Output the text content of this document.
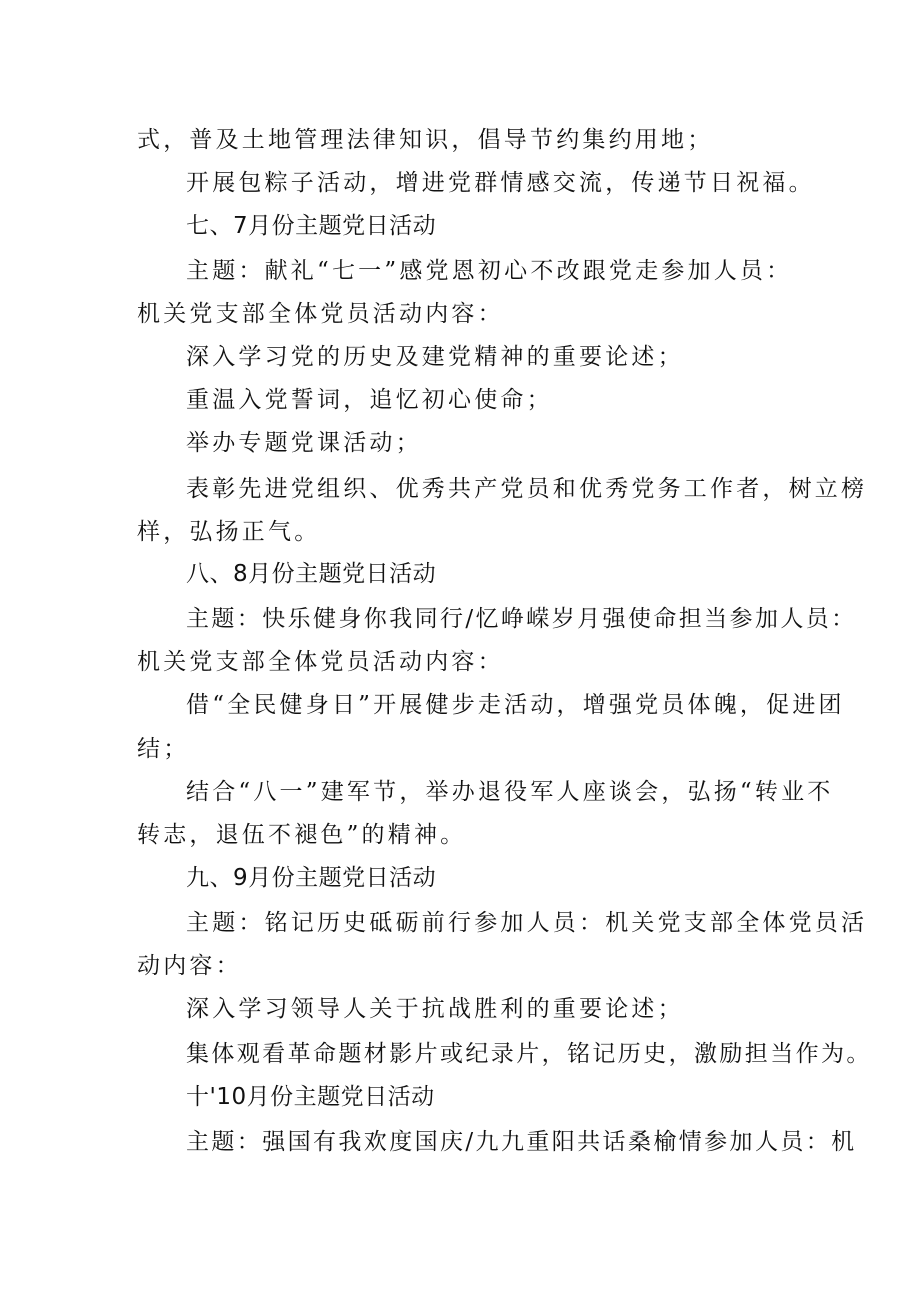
式，普及土地管理法律知识，倡导节约集约用地；
开展包粽子活动，增进党群情感交流，传递节日祝福。
七、7月份主题党日活动
主题：献礼“七一”感党恩初心不改跟党走参加人员：
机关党支部全体党员活动内容：
深入学习党的历史及建党精神的重要论述；
重温入党誓词，追忆初心使命；
举办专题党课活动；
表彰先进党组织、优秀共产党员和优秀党务工作者，树立榜
样，弘扬正气。
八、8月份主题党日活动
主题：快乐健身你我同行/忆峥嵘岁月强使命担当参加人员：
机关党支部全体党员活动内容：
借“全民健身日”开展健步走活动，增强党员体魄，促进团
结；
结合“八一”建军节，举办退役军人座谈会，弘扬“转业不
转志，退伍不褪色”的精神。
九、9月份主题党日活动
主题：铭记历史砥砺前行参加人员：机关党支部全体党员活
动内容：
深入学习领导人关于抗战胜利的重要论述；
集体观看革命题材影片或纪录片，铭记历史，激励担当作为。
十'10月份主题党日活动
主题：强国有我欢度国庆/九九重阳共话桑榆情参加人员：机
